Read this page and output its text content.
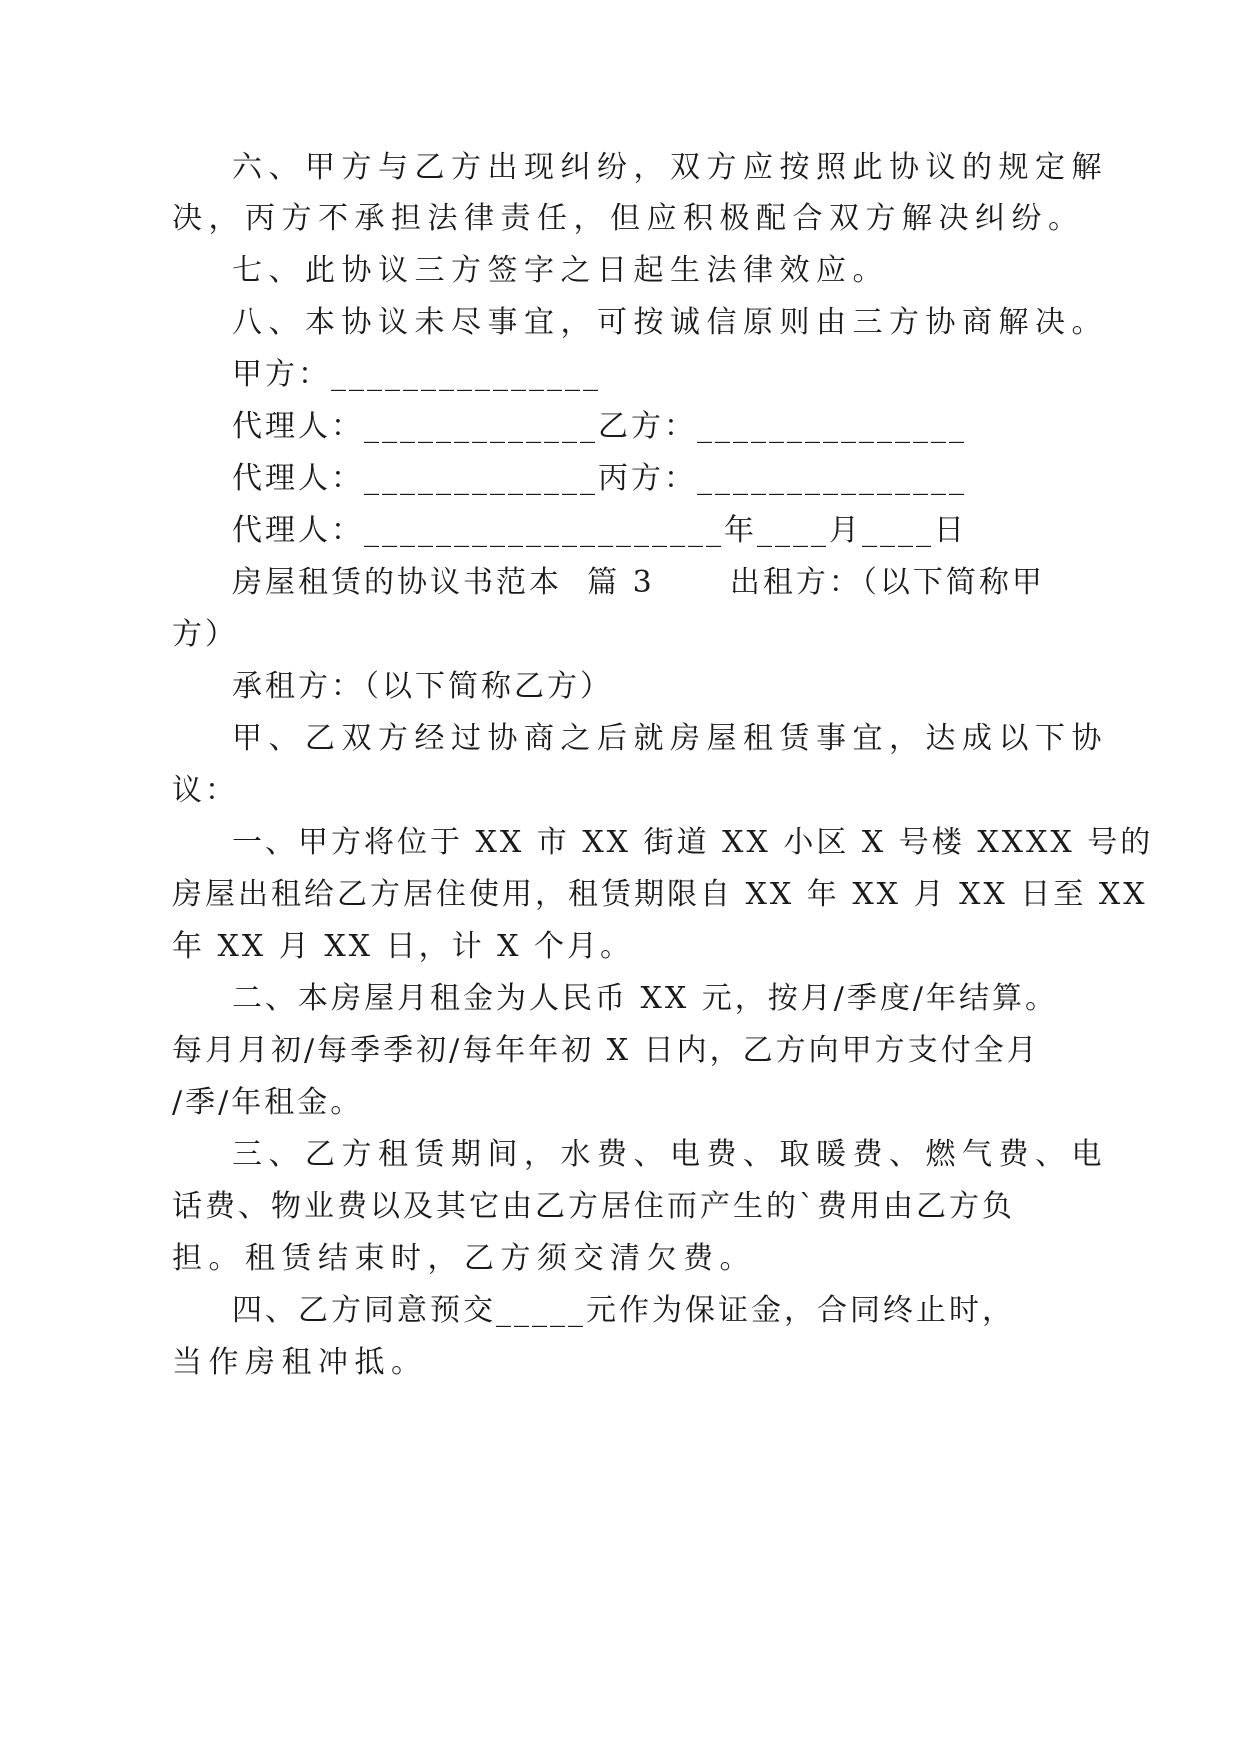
六、甲方与乙方出现纠纷，双方应按照此协议的规定解
决，丙方不承担法律责任，但应积极配合双方解决纠纷。
七、此协议三方签字之日起生法律效应。
八、本协议未尽事宜，可按诚信原则由三方协商解决。
甲方：_______________
代理人：_____________乙方：_______________
代理人：_____________丙方：_______________
代理人：____________________年____月____日
房屋租赁的协议书范本  篇 3      出租方：（以下简称甲
方）
承租方：（以下简称乙方）
甲、乙双方经过协商之后就房屋租赁事宜，达成以下协
议：
一、甲方将位于 XX 市 XX 街道 XX 小区 X 号楼 XXXX 号的
房屋出租给乙方居住使用，租赁期限自 XX 年 XX 月 XX 日至 XX
年 XX 月 XX 日，计 X 个月。
二、本房屋月租金为人民币 XX 元，按月/季度/年结算。
每月月初/每季季初/每年年初 X 日内，乙方向甲方支付全月
/季/年租金。
三、乙方租赁期间，水费、电费、取暖费、燃气费、电
话费、物业费以及其它由乙方居住而产生的`费用由乙方负
担。租赁结束时，乙方须交清欠费。
四、乙方同意预交_____元作为保证金，合同终止时，
当作房租冲抵。
